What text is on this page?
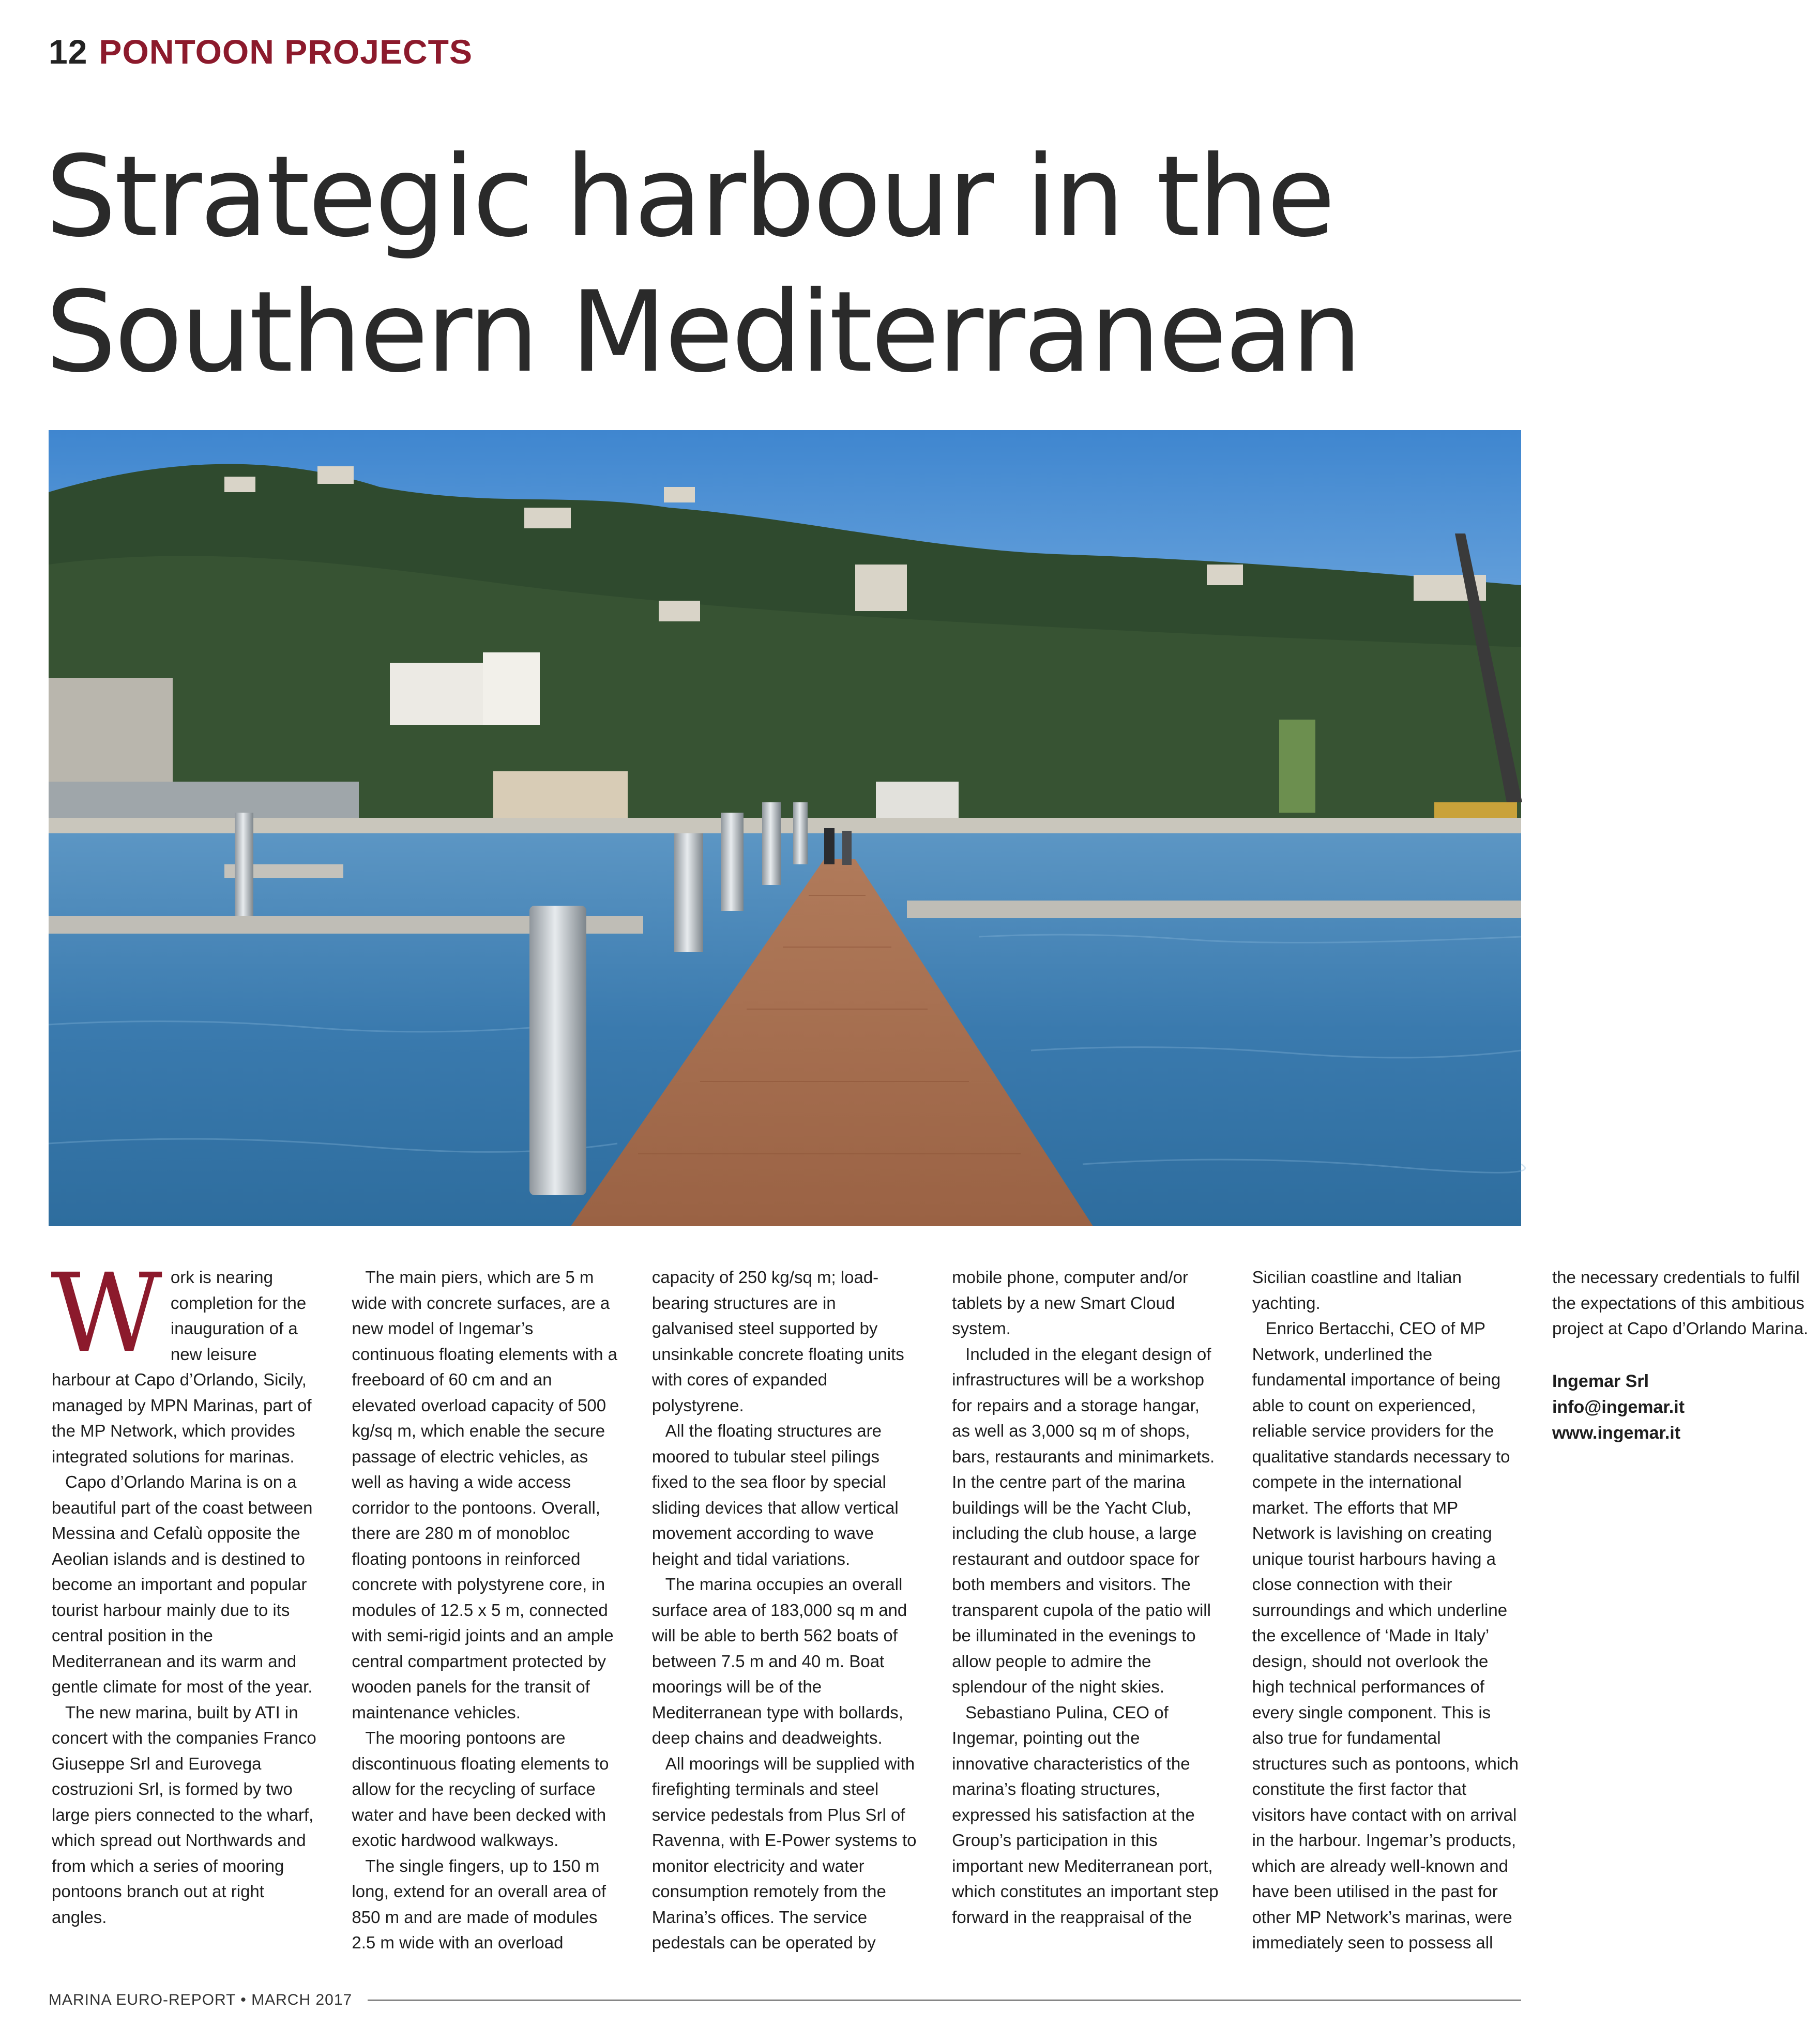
12 PONTOON PROJECTS
Strategic harbour in the
Southern Mediterranean

Work is nearing completion for the inauguration of a new leisure harbour at Capo d’Orlando, Sicily, managed by MPN Marinas, part of the MP Network, which provides integrated solutions for marinas.

Capo d’Orlando Marina is on a beautiful part of the coast between Messina and Cefalù opposite the Aeolian islands and is destined to become an important and popular tourist harbour mainly due to its central position in the Mediterranean and its warm and gentle climate for most of the year.

The new marina, built by ATI in concert with the companies Franco Giuseppe Srl and Eurovega costruzioni Srl, is formed by two large piers connected to the wharf, which spread out Northwards and from which a series of mooring pontoons branch out at right angles.

The main piers, which are 5 m wide with concrete surfaces, are a new model of Ingemar’s continuous floating elements with a freeboard of 60 cm and an elevated overload capacity of 500 kg/sq m, which enable the secure passage of electric vehicles, as well as having a wide access corridor to the pontoons. Overall, there are 280 m of monobloc floating pontoons in reinforced concrete with polystyrene core, in modules of 12.5 x 5 m, connected with semi-rigid joints and an ample central compartment protected by wooden panels for the transit of maintenance vehicles.

The mooring pontoons are discontinuous floating elements to allow for the recycling of surface water and have been decked with exotic hardwood walkways.

The single fingers, up to 150 m long, extend for an overall area of 850 m and are made of modules 2.5 m wide with an overload capacity of 250 kg/sq m; load-bearing structures are in galvanised steel supported by unsinkable concrete floating units with cores of expanded polystyrene.

All the floating structures are moored to tubular steel pilings fixed to the sea floor by special sliding devices that allow vertical movement according to wave height and tidal variations.

The marina occupies an overall surface area of 183,000 sq m and will be able to berth 562 boats of between 7.5 m and 40 m. Boat moorings will be of the Mediterranean type with bollards, deep chains and deadweights.

All moorings will be supplied with firefighting terminals and steel service pedestals from Plus Srl of Ravenna, with E-Power systems to monitor electricity and water consumption remotely from the Marina’s offices. The service pedestals can be operated by mobile phone, computer and/or tablets by a new Smart Cloud system.

Included in the elegant design of infrastructures will be a workshop for repairs and a storage hangar, as well as 3,000 sq m of shops, bars, restaurants and minimarkets. In the centre part of the marina buildings will be the Yacht Club, including the club house, a large restaurant and outdoor space for both members and visitors. The transparent cupola of the patio will be illuminated in the evenings to allow people to admire the splendour of the night skies.

Sebastiano Pulina, CEO of Ingemar, pointing out the innovative characteristics of the marina’s floating structures, expressed his satisfaction at the Group’s participation in this important new Mediterranean port, which constitutes an important step forward in the reappraisal of the Sicilian coastline and Italian yachting.

Enrico Bertacchi, CEO of MP Network, underlined the fundamental importance of being able to count on experienced, reliable service providers for the qualitative standards necessary to compete in the international market. The efforts that MP Network is lavishing on creating unique tourist harbours having a close connection with their surroundings and which underline the excellence of ‘Made in Italy’ design, should not overlook the high technical performances of every single component. This is also true for fundamental structures such as pontoons, which constitute the first factor that visitors have contact with on arrival in the harbour. Ingemar’s products, which are already well-known and have been utilised in the past for other MP Network’s marinas, were immediately seen to possess all the necessary credentials to fulfil the expectations of this ambitious project at Capo d’Orlando Marina.

Ingemar Srl
info@ingemar.it
www.ingemar.it
MARINA EURO-REPORT • MARCH 2017
